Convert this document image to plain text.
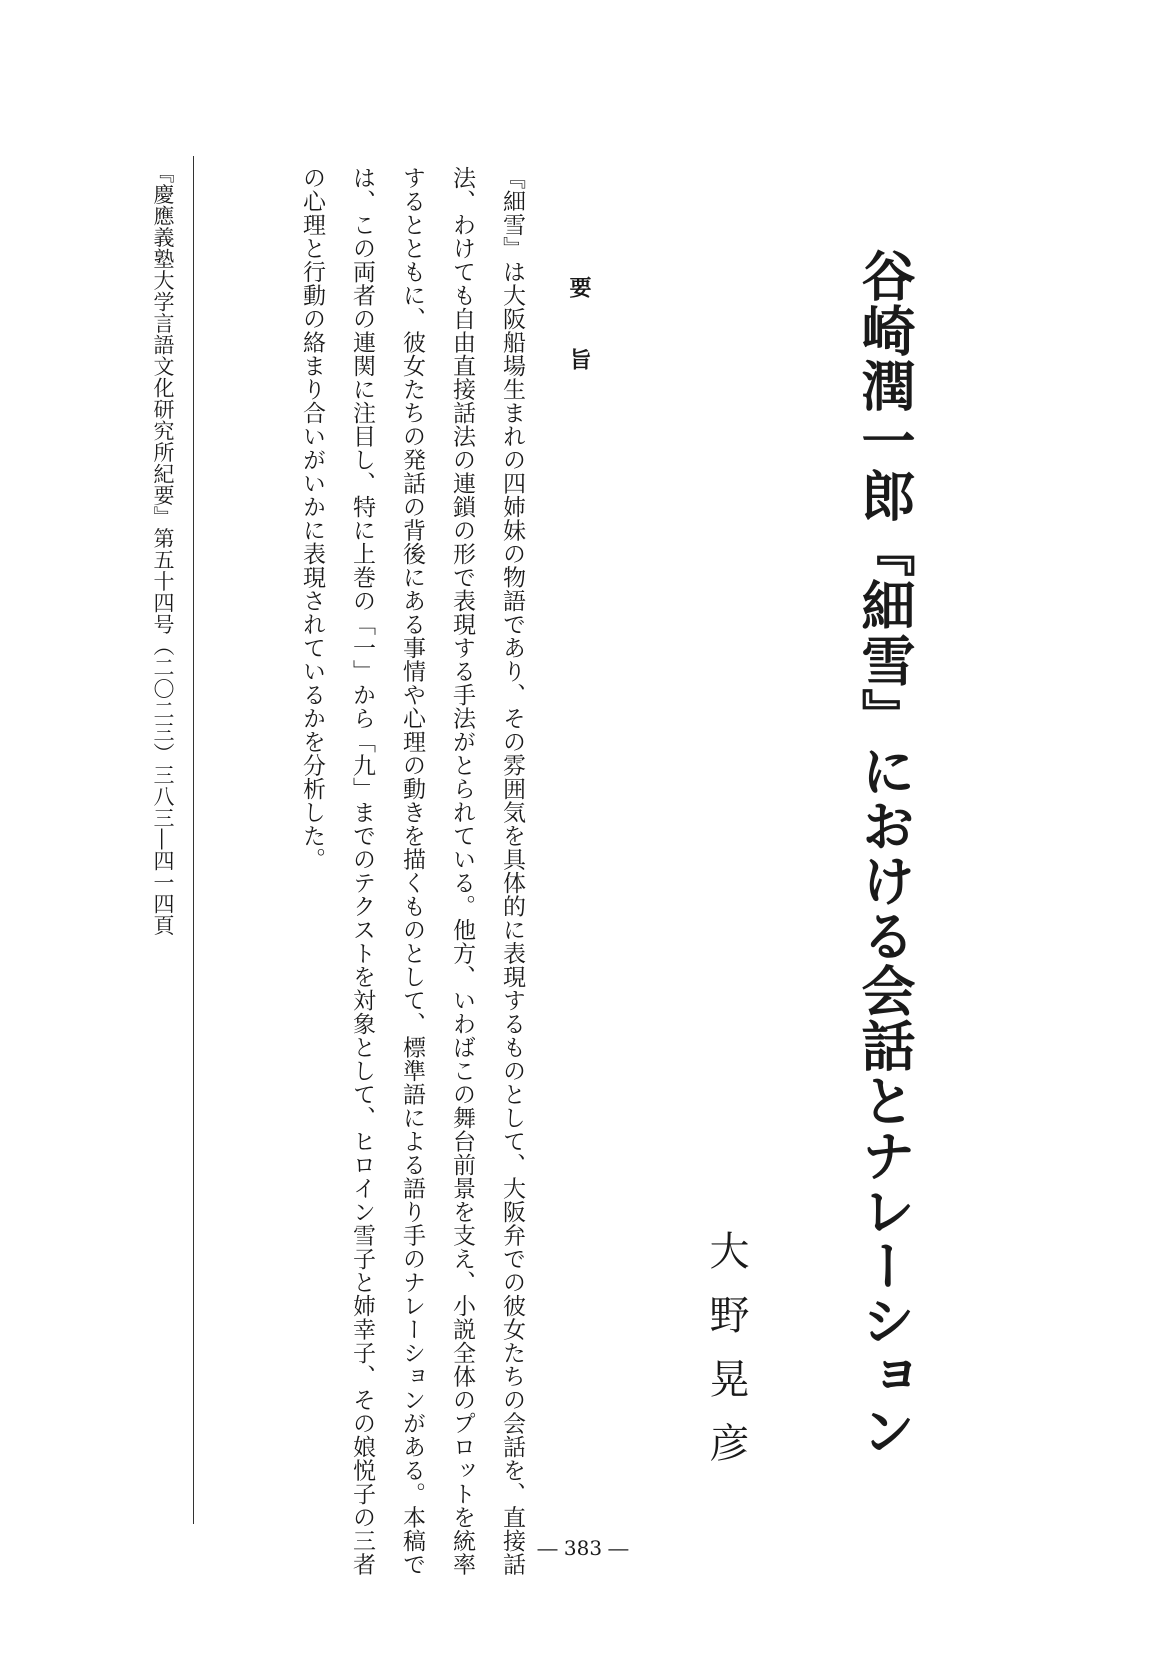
谷崎潤一郎『細雪』における会話とナレーション
大野晃彦
要旨
『細雪』は大阪船場生まれの四姉妹の物語であり、その雰囲気を具体的に表現するものとして、大阪弁での彼女たちの会話を、直接話
法、わけても自由直接話法の連鎖の形で表現する手法がとられている。他方、いわばこの舞台前景を支え、小説全体のプロットを統率
するとともに、彼女たちの発話の背後にある事情や心理の動きを描くものとして、標準語による語り手のナレーションがある。本稿で
は、この両者の連関に注目し、特に上巻の「一」から「九」までのテクストを対象として、ヒロイン雪子と姉幸子、その娘悦子の三者
の心理と行動の絡まり合いがいかに表現されているかを分析した。
『慶應義塾大学言語文化研究所紀要』第五十四号（二〇二三）三八三―四一四頁
― 383 ―
